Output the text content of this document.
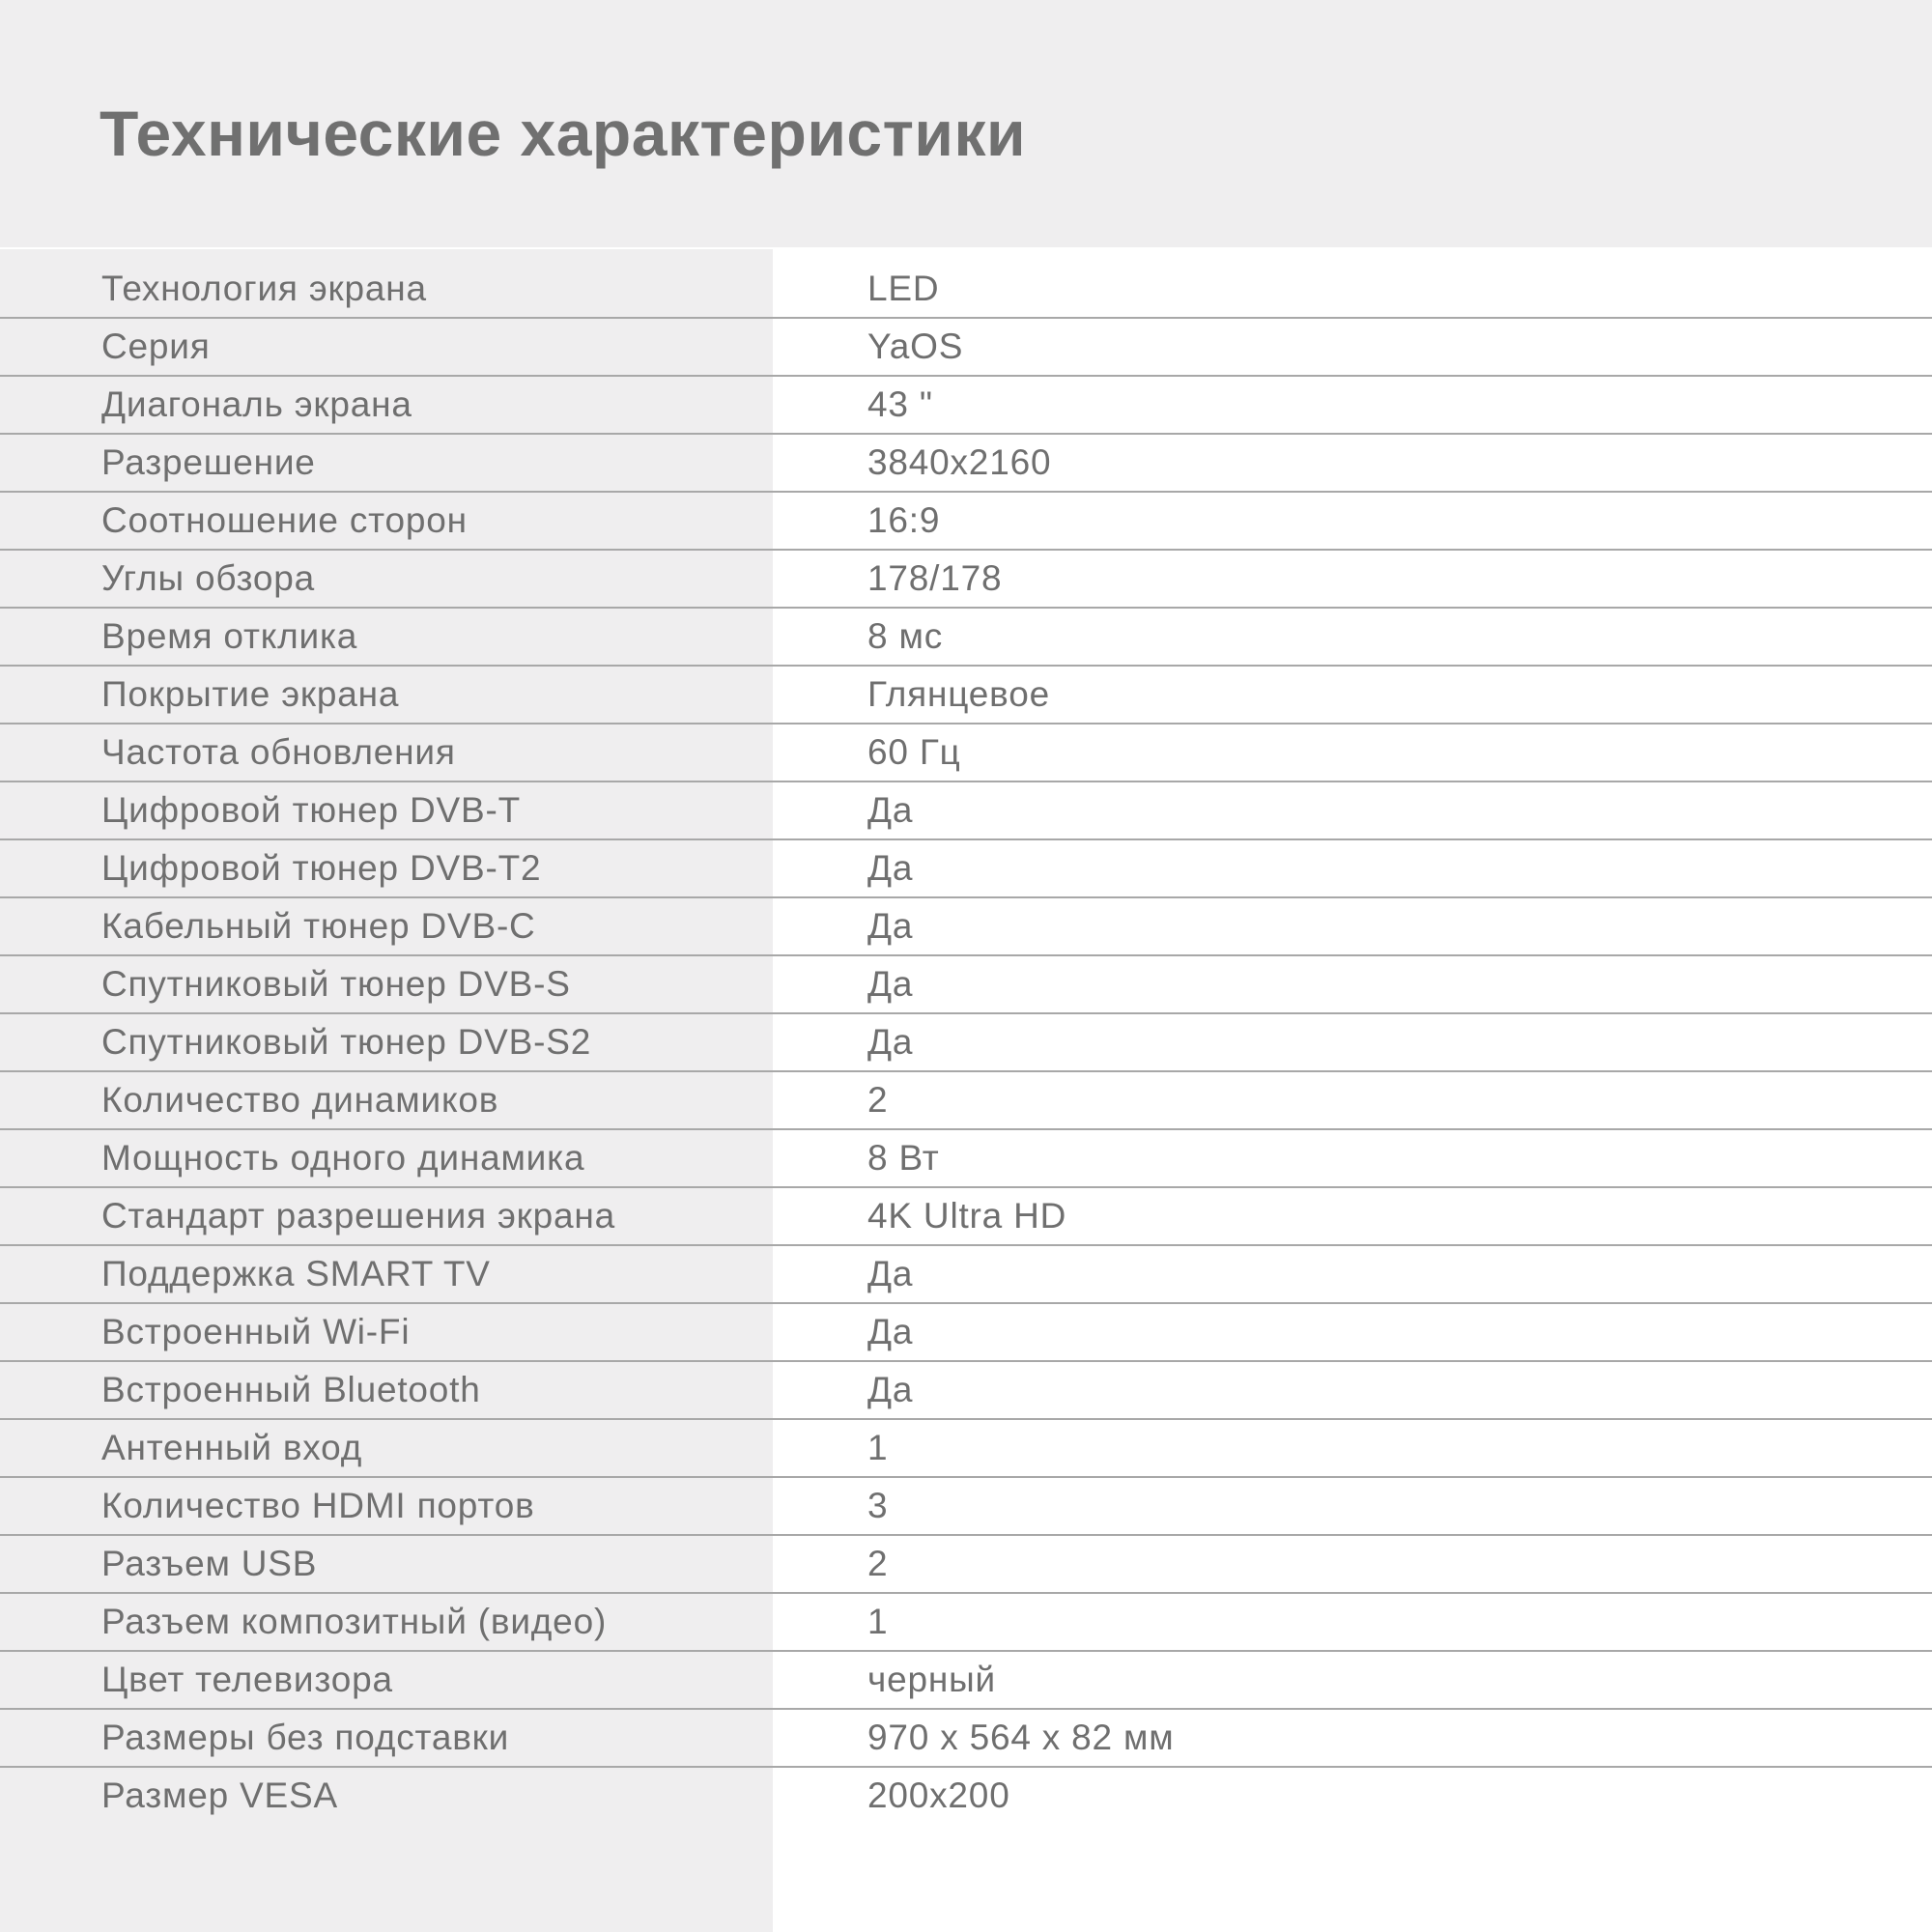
Технические характеристики
Технология экрана	LED
Серия	YaOS
Диагональ экрана	43 "
Разрешение	3840x2160
Соотношение сторон	16:9
Углы обзора	178/178
Время отклика	8 мс
Покрытие экрана	Глянцевое
Частота обновления	60 Гц
Цифровой тюнер DVB-T	Да
Цифровой тюнер DVB-T2	Да
Кабельный тюнер DVB-C	Да
Спутниковый тюнер DVB-S	Да
Спутниковый тюнер DVB-S2	Да
Количество динамиков	2
Мощность одного динамика	8 Вт
Стандарт разрешения экрана	4K Ultra HD
Поддержка SMART TV	Да
Встроенный Wi-Fi	Да
Встроенный Bluetooth	Да
Антенный вход	1
Количество HDMI портов	3
Разъем USB	2
Разъем композитный (видео)	1
Цвет телевизора	черный
Размеры без подставки	970 х 564 х 82 мм
Размер VESA	200х200
